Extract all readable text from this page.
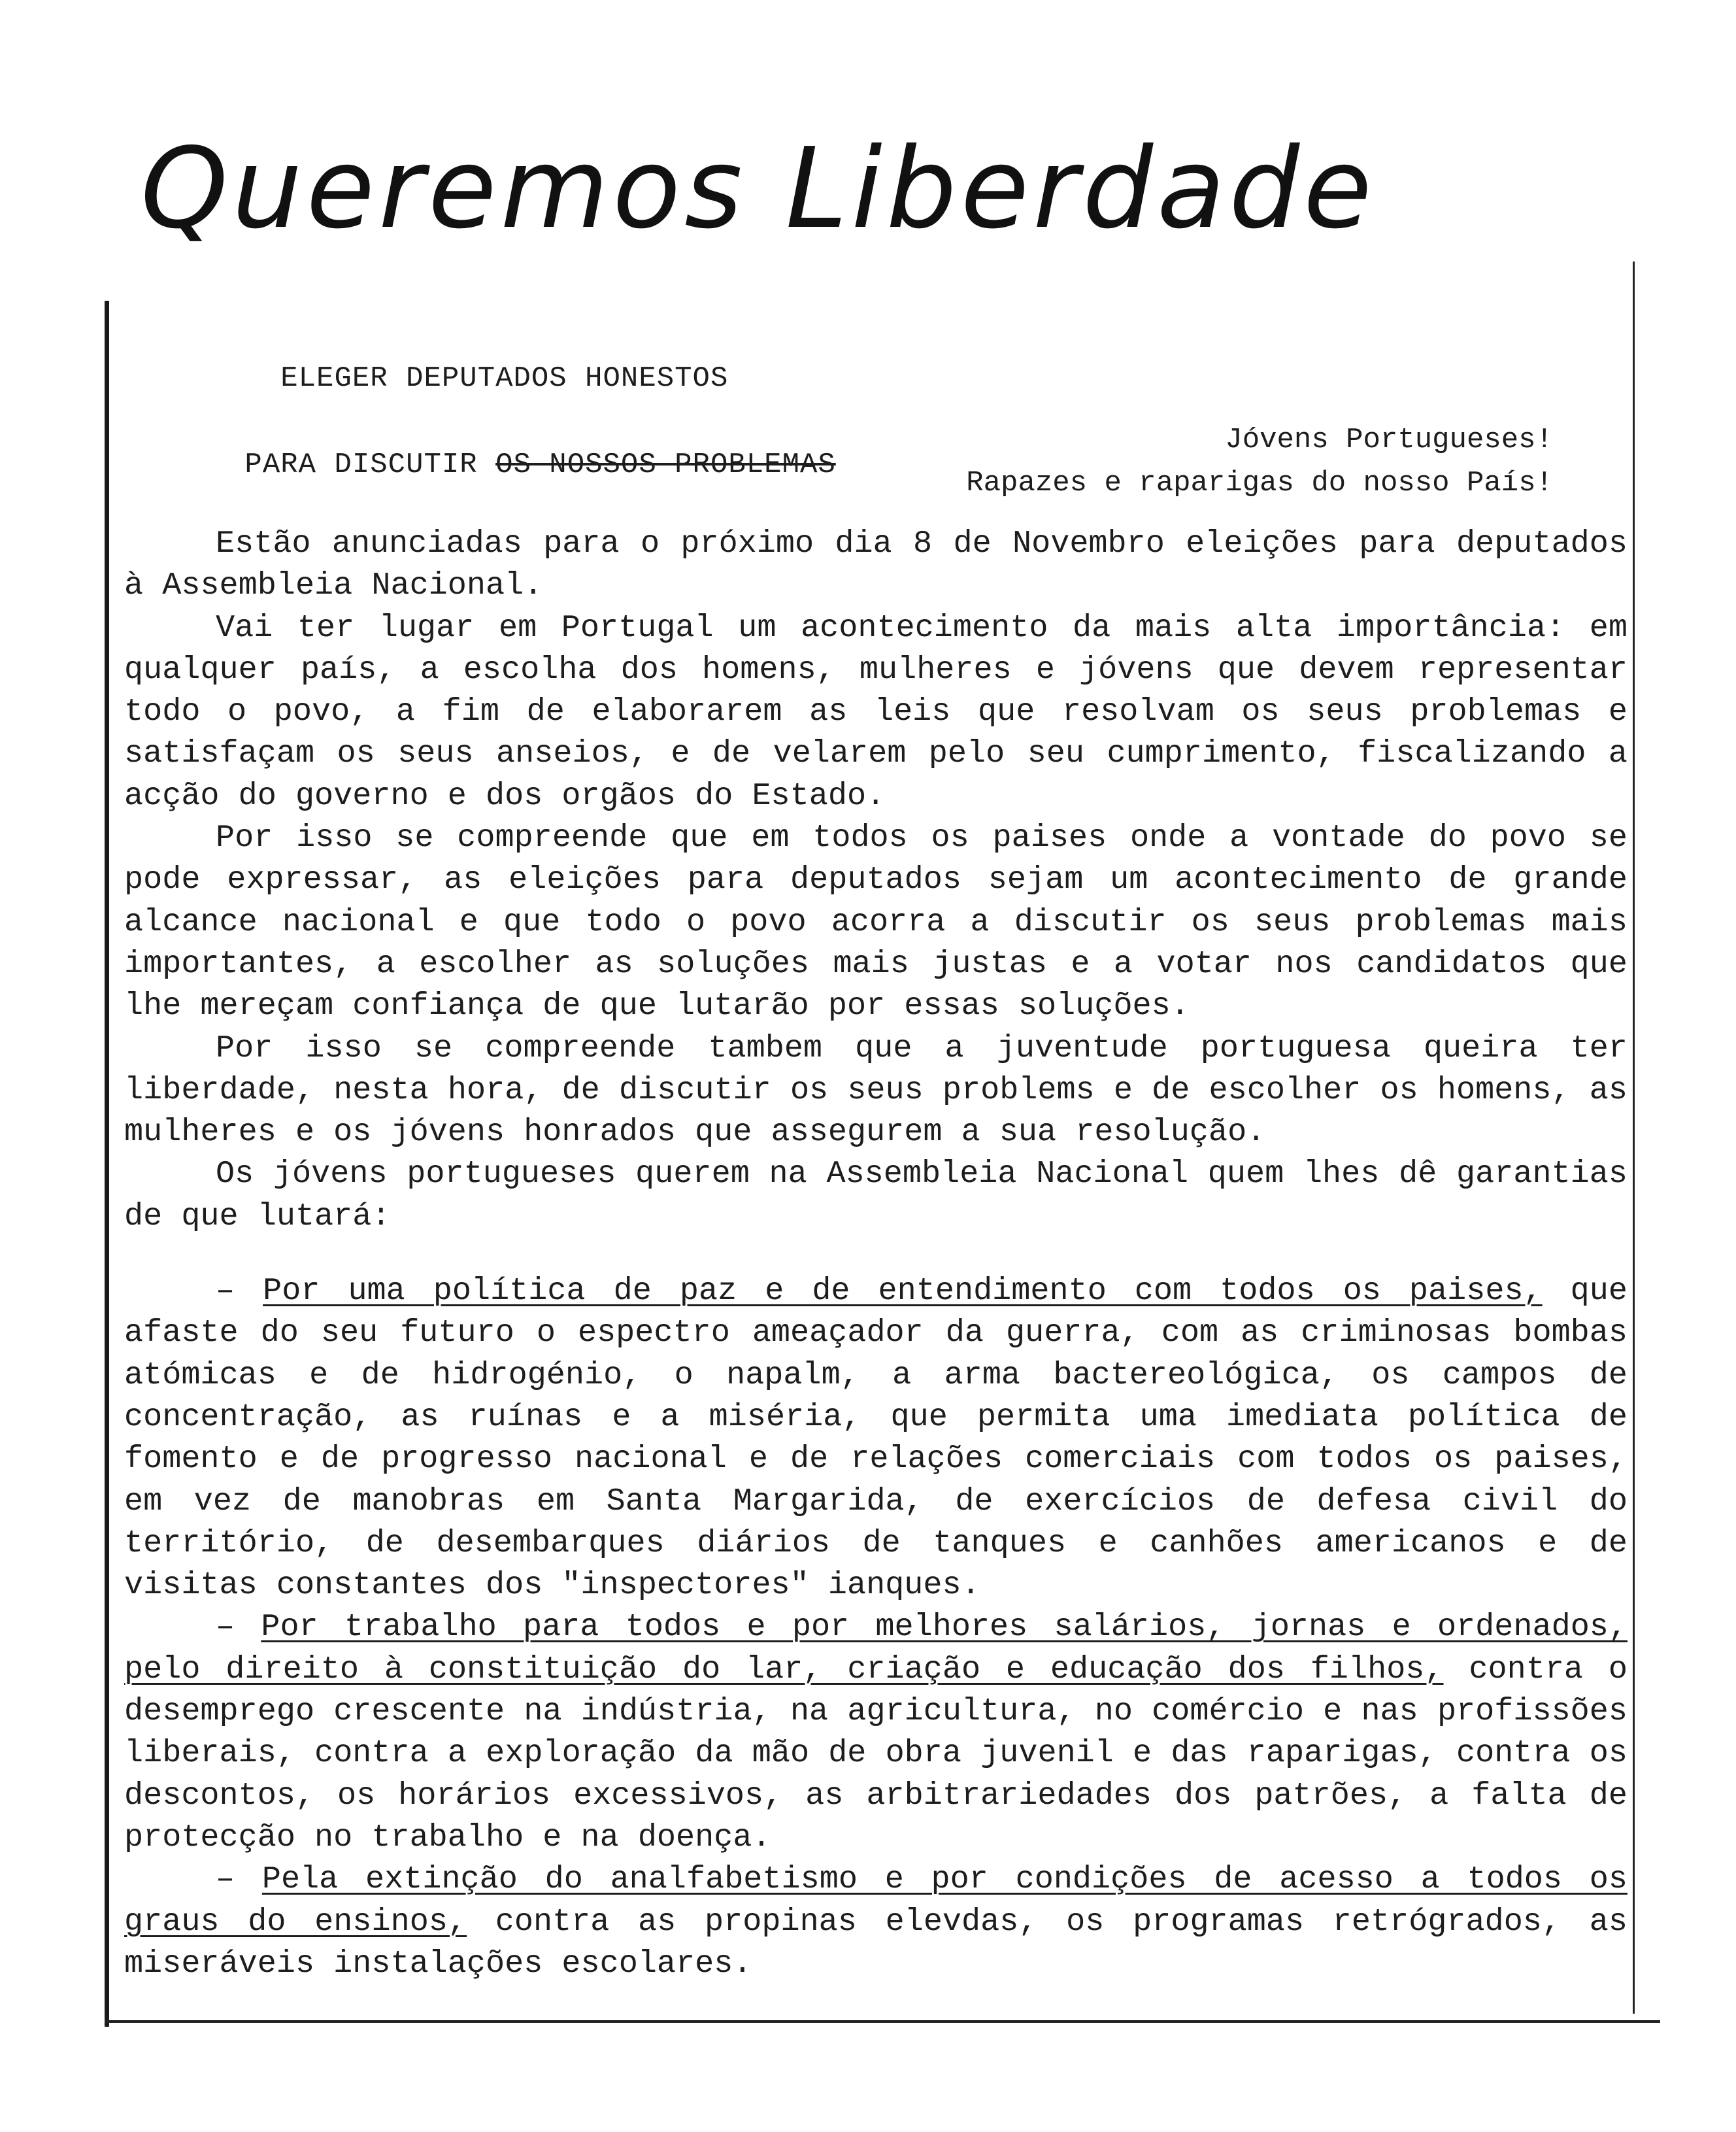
Queremos Liberdade

ELEGER DEPUTADOS HONESTOS

PARA DISCUTIR OS NOSSOS PROBLEMAS

Jóvens Portugueses!
Rapazes e raparigas do nosso País!

Estão anunciadas para o próximo dia 8 de Novembro eleições para deputados à Assembleia Nacional.

Vai ter lugar em Portugal um acontecimento da mais alta importância: em qualquer país, a escolha dos homens, mulheres e jóvens que devem representar todo o povo, a fim de elaborarem as leis que resolvam os seus problemas e satisfaçam os seus anseios, e de velarem pelo seu cumprimento, fiscalizando a acção do governo e dos orgãos do Estado.

Por isso se compreende que em todos os paises onde a vontade do povo se pode expressar, as eleições para deputados sejam um acontecimento de grande alcance nacional e que todo o povo acorra a discutir os seus problemas mais importantes, a escolher as soluções mais justas e a votar nos candidatos que lhe mereçam confiança de que lutarão por essas soluções.

Por isso se compreende tambem que a juventude portuguesa queira ter liberdade, nesta hora, de discutir os seus problems e de escolher os homens, as mulheres e os jóvens honrados que assegurem a sua resolução.

Os jóvens portugueses querem na Assembleia Nacional quem lhes dê garantias de que lutará:

– Por uma política de paz e de entendimento com todos os paises, que afaste do seu futuro o espectro ameaçador da guerra, com as criminosas bombas atómicas e de hidrogénio, o napalm, a arma bactereológica, os campos de concentração, as ruínas e a miséria, que permita uma imediata política de fomento e de progresso nacional e de relações comerciais com todos os paises, em vez de manobras em Santa Margarida, de exercícios de defesa civil do território, de desembarques diários de tanques e canhões americanos e de visitas constantes dos "inspectores" ianques.

– Por trabalho para todos e por melhores salários, jornas e ordenados, pelo direito à constituição do lar, criação e educação dos filhos, contra o desemprego crescente na indústria, na agricultura, no comércio e nas profissões liberais, contra a exploração da mão de obra juvenil e das raparigas, contra os descontos, os horários excessivos, as arbitrariedades dos patrões, a falta de protecção no trabalho e na doença.

– Pela extinção do analfabetismo e por condições de acesso a todos os graus do ensinos, contra as propinas elevdas, os programas retrógrados, as miseráveis instalações escolares.
